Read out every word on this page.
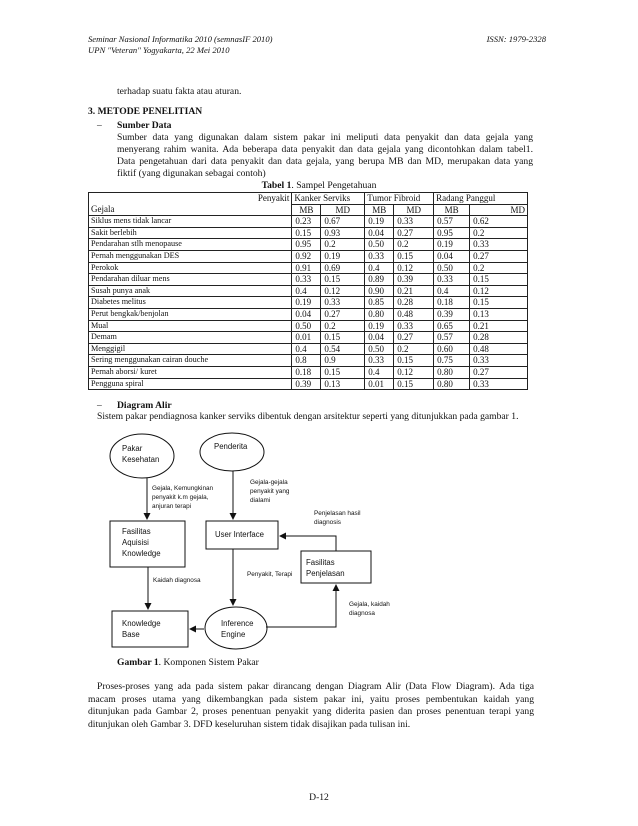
Seminar Nasional Informatika 2010 (semnasIF 2010)
UPN "Veteran" Yogyakarta, 22 Mei 2010
ISSN: 1979-2328
terhadap suatu fakta atau aturan.
3. METODE PENELITIAN
– Sumber Data
Sumber data yang digunakan dalam sistem pakar ini meliputi data penyakit dan data gejala yang
menyerang rahim wanita. Ada beberapa data penyakit dan data gejala yang dicontohkan dalam tabel1.
Data pengetahuan dari data penyakit dan data gejala, yang berupa MB dan MD, merupakan data yang
fiktif (yang digunakan sebagai contoh)
Tabel 1. Sampel Pengetahuan
Penyakit	Kanker Serviks		Tumor Fibroid		Radang Panggul	
Gejala	MB	MD	MB	MD	MB	MD
Siklus mens tidak lancar	0.23	0.67	0.19	0.33	0.57	0.62
Sakit berlebih	0.15	0.93	0.04	0.27	0.95	0.2
Pendarahan stlh menopause	0.95	0.2	0.50	0.2	0.19	0.33
Pernah menggunakan DES	0.92	0.19	0.33	0.15	0.04	0.27
Perokok	0.91	0.69	0.4	0.12	0.50	0.2
Pendarahan diluar mens	0.33	0.15	0.89	0.39	0.33	0.15
Susah punya anak	0.4	0.12	0.90	0.21	0.4	0.12
Diabetes melitus	0.19	0.33	0.85	0.28	0.18	0.15
Perut bengkak/benjolan	0.04	0.27	0.80	0.48	0.39	0.13
Mual	0.50	0.2	0.19	0.33	0.65	0.21
Demam	0.01	0.15	0.04	0.27	0.57	0.28
Menggigil	0.4	0.54	0.50	0.2	0.60	0.48
Sering menggunakan cairan douche	0.8	0.9	0.33	0.15	0.75	0.33
Pernah aborsi/ kuret	0.18	0.15	0.4	0.12	0.80	0.27
Pengguna spiral	0.39	0.13	0.01	0.15	0.80	0.33
– Diagram Alir
Sistem pakar pendiagnosa kanker serviks dibentuk dengan arsitektur seperti yang ditunjukkan pada gambar 1.
Pakar Kesehatan
Penderita
Fasilitas Aquisisi Knowledge
User Interface
Fasilitas Penjelasan
Knowledge Base
Inference Engine
Gejala, Kemungkinan penyakit k.m gejala, anjuran terapi
Gejala-gejala penyakit yang dialami
Penjelasan hasil diagnosis
Kaidah diagnosa
Penyakit, Terapi
Gejala, kaidah diagnosa
Gambar 1. Komponen Sistem Pakar
Proses-proses yang ada pada sistem pakar dirancang dengan Diagram Alir (Data Flow Diagram). Ada tiga
macam proses utama yang dikembangkan pada sistem pakar ini, yaitu proses pembentukan kaidah yang
ditunjukan pada Gambar 2, proses penentuan penyakit yang diderita pasien dan proses penentuan terapi yang
ditunjukan oleh Gambar 3. DFD keseluruhan sistem tidak disajikan pada tulisan ini.
D-12
